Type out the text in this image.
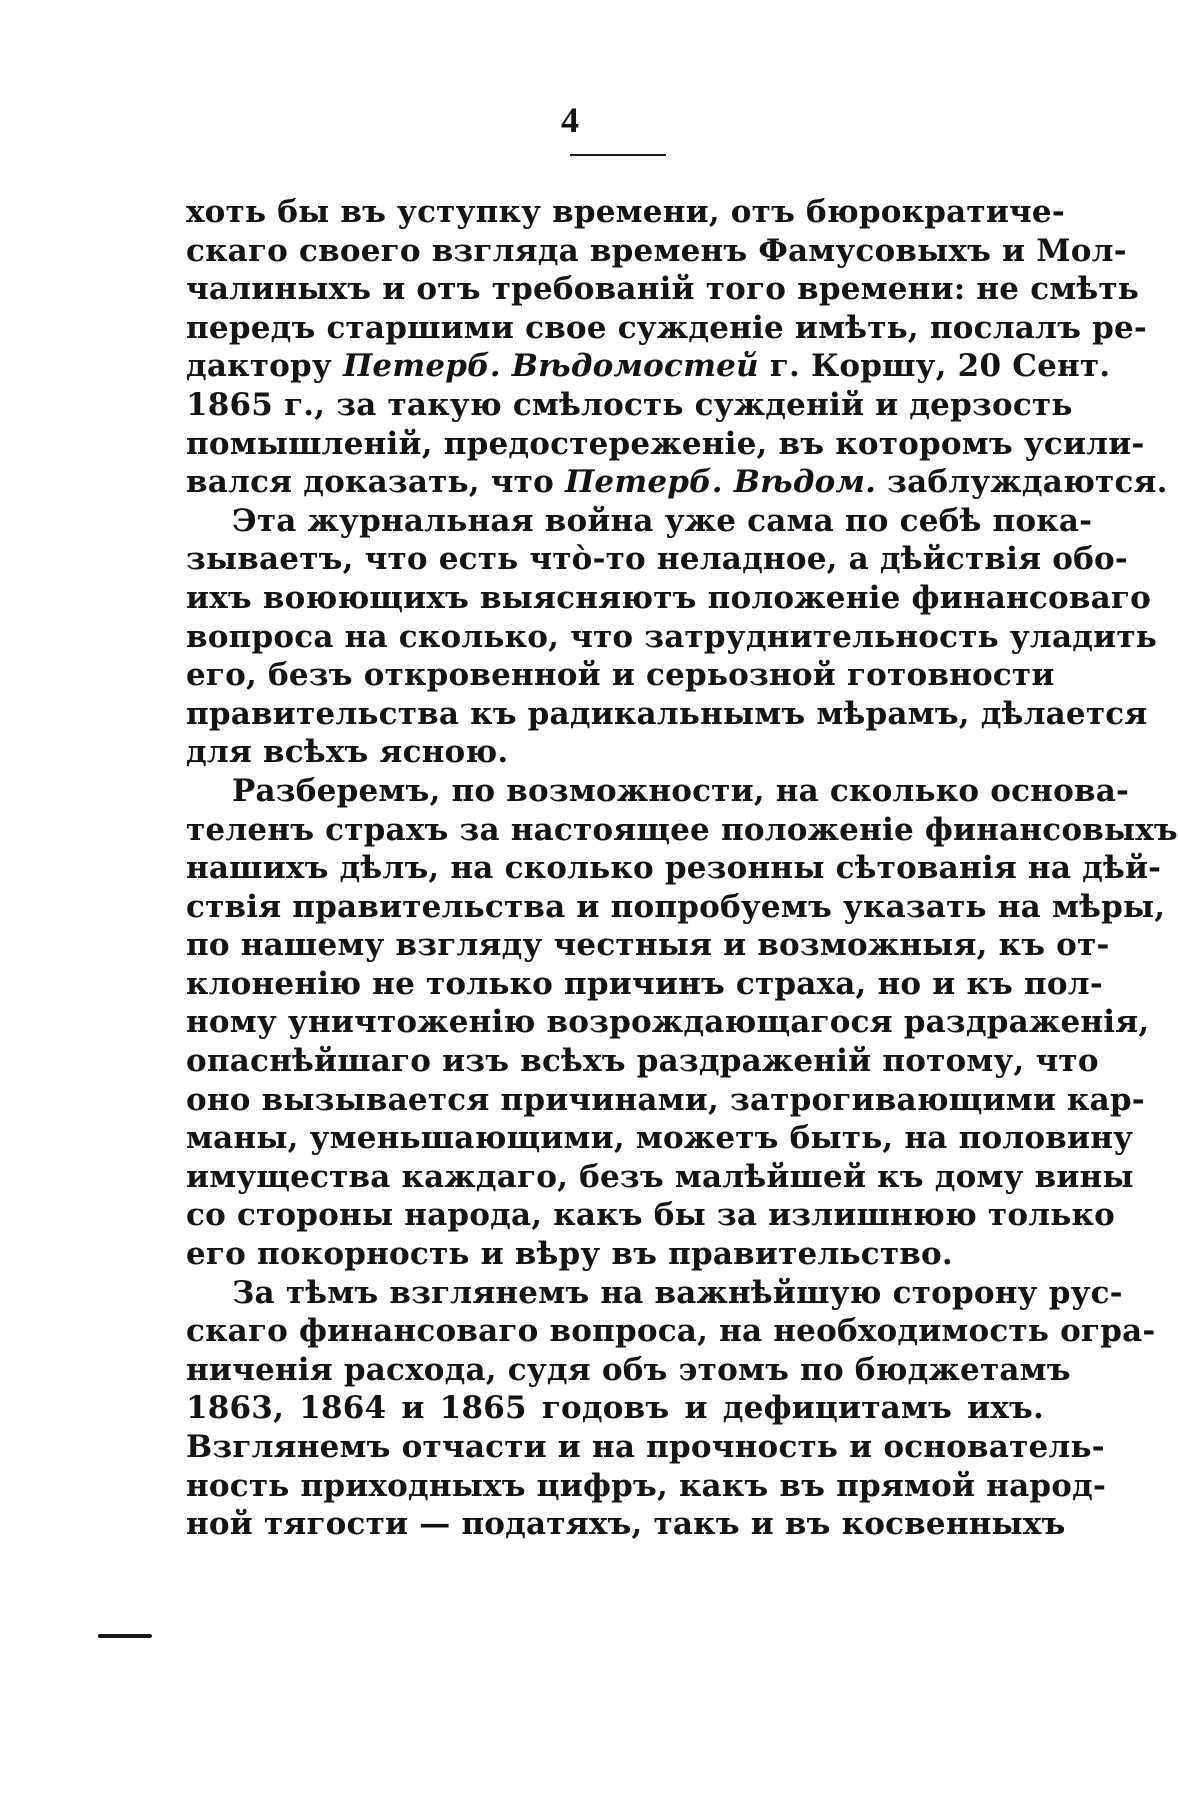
4
хоть бы въ уступку времени, отъ бюрократиче-
скаго своего взгляда временъ Фамусовыхъ и Мол-
чалиныхъ и отъ требованій того времени: не смѣть
передъ старшими свое сужденіе имѣть, послалъ ре-
дактору Петерб. Вѣдомостей г. Коршу, 20 Сент.
1865 г., за такую смѣлость сужденій и дерзость
помышленій, предостереженіе, въ которомъ усили-
вался доказать, что Петерб. Вѣдом. заблуждаются.
Эта журнальная война уже сама по себѣ пока-
зываетъ, что есть чтò-то неладное, а дѣйствія обо-
ихъ воюющихъ выясняютъ положеніе финансоваго
вопроса на сколько, что затруднительность уладить
его, безъ откровенной и серьозной готовности
правительства къ радикальнымъ мѣрамъ, дѣлается
для всѣхъ ясною.
Разберемъ, по возможности, на сколько основа-
теленъ страхъ за настоящее положеніе финансовыхъ
нашихъ дѣлъ, на сколько резонны сѣтованія на дѣй-
ствія правительства и попробуемъ указать на мѣры,
по нашему взгляду честныя и возможныя, къ от-
клоненію не только причинъ страха, но и къ пол-
ному уничтоженію возрождающагося раздраженія,
опаснѣйшаго изъ всѣхъ раздраженій потому, что
оно вызывается причинами, затрогивающими кар-
маны, уменьшающими, можетъ быть, на половину
имущества каждаго, безъ малѣйшей къ дому вины
со стороны народа, какъ бы за излишнюю только
его покорность и вѣру въ правительство.
За тѣмъ взглянемъ на важнѣйшую сторону рус-
скаго финансоваго вопроса, на необходимость огра-
ниченія расхода, судя объ этомъ по бюджетамъ
1863, 1864 и 1865 годовъ и дефицитамъ ихъ.
Взглянемъ отчасти и на прочность и основатель-
ность приходныхъ цифръ, какъ въ прямой народ-
ной тягости — податяхъ, такъ и въ косвенныхъ
